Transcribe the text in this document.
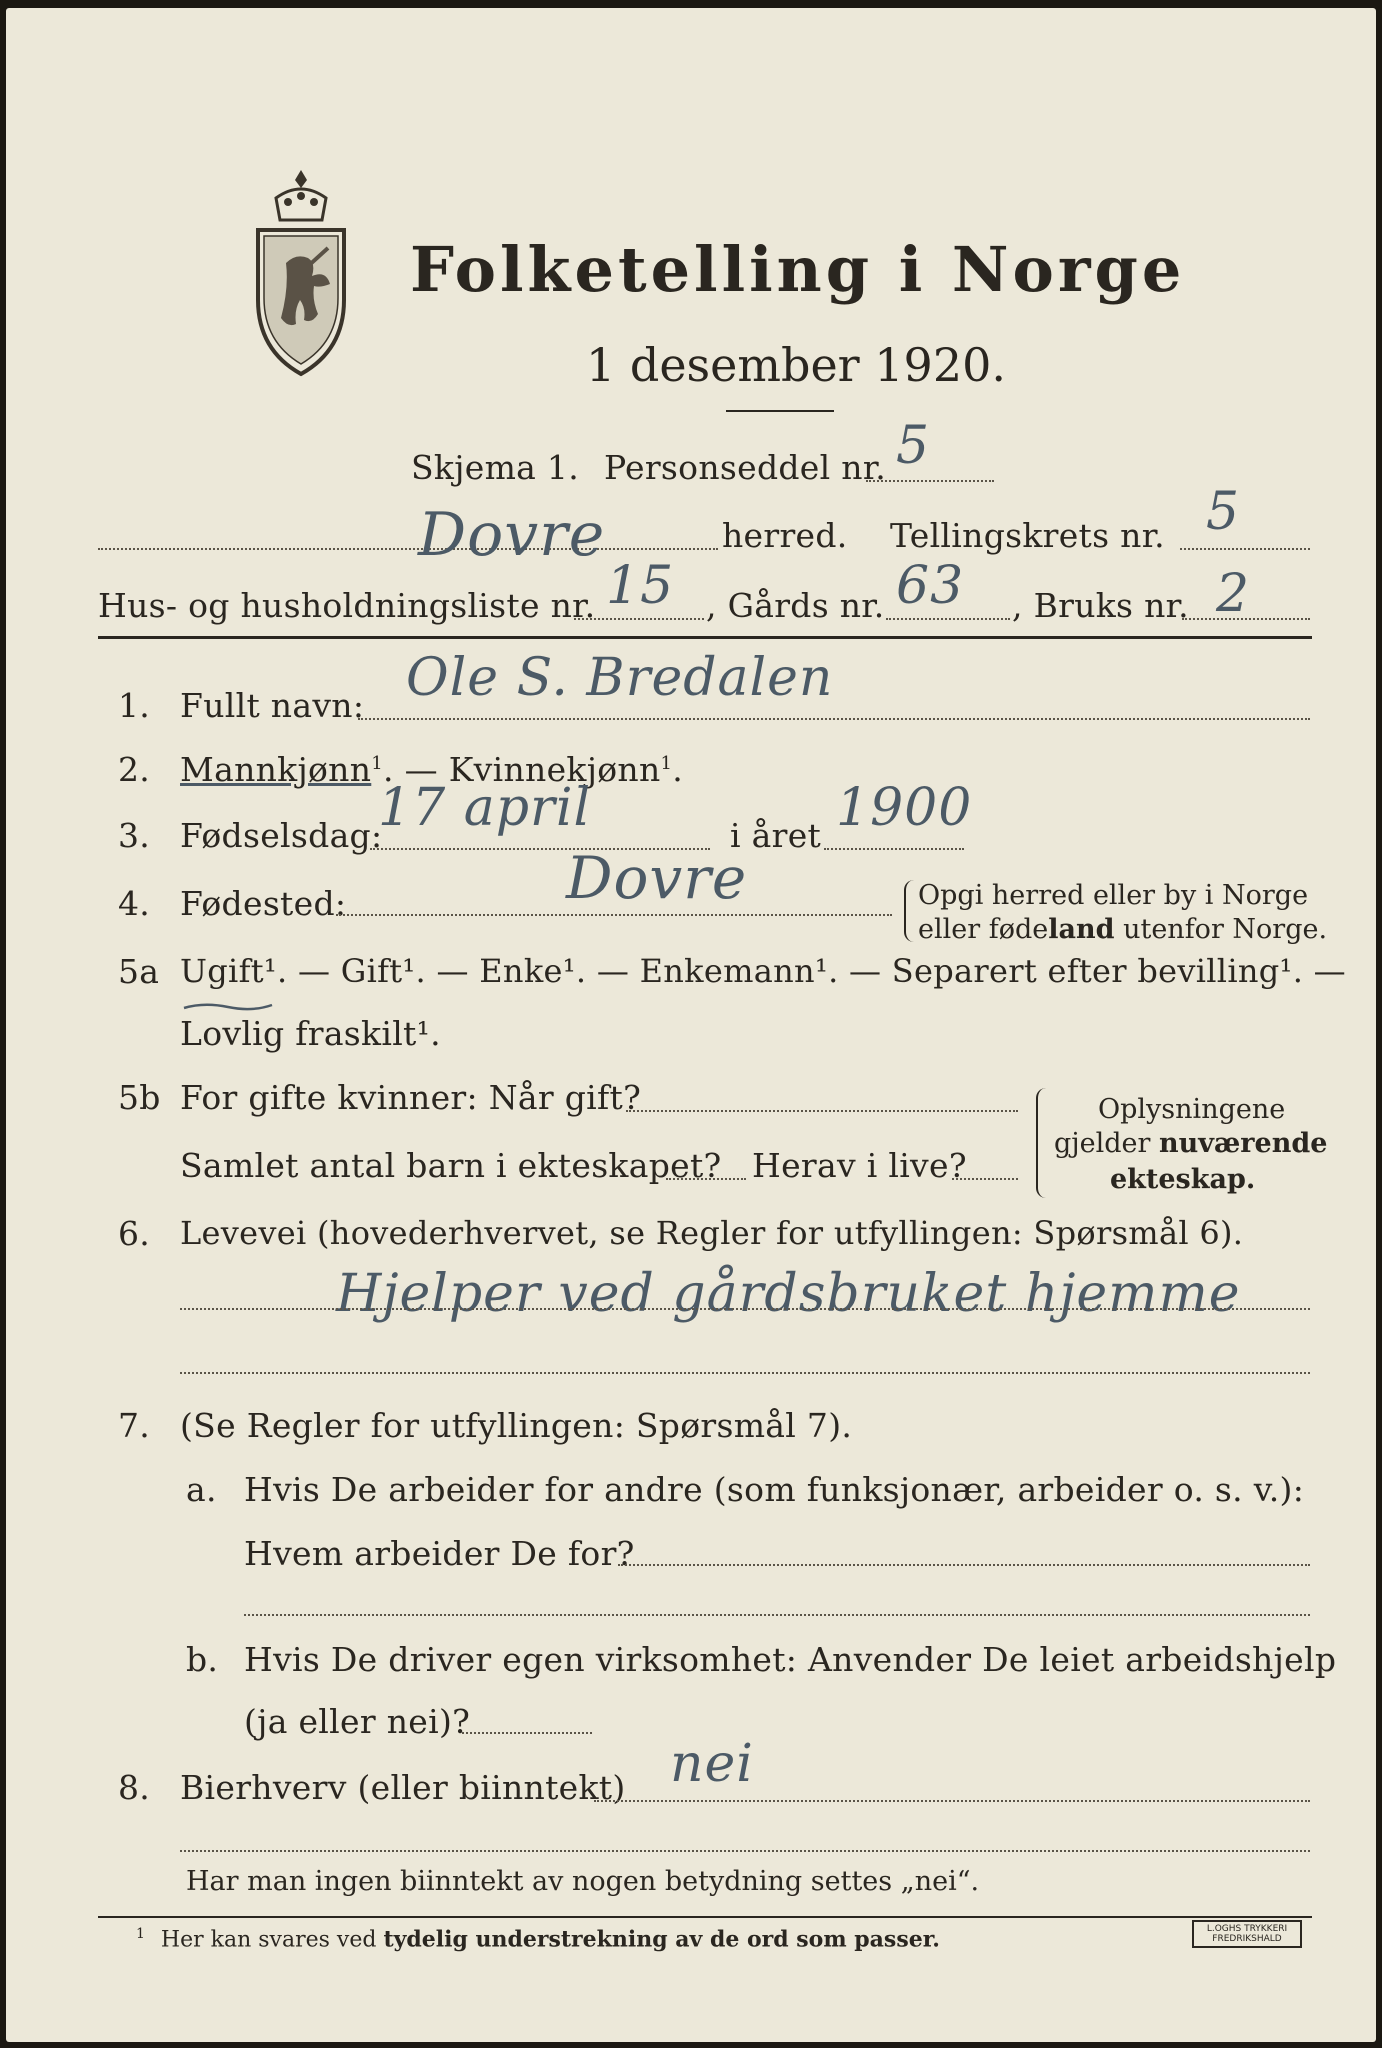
Folketelling i Norge
1 desember 1920.
Skjema 1. Personseddel nr. 5
Dovre	herred. Tellingskrets nr. 5
Hus- og husholdningsliste nr. 15 , Gårds nr. 63 , Bruks nr. 2
1. Fullt navn: Ole S. Bredalen
2. Mannkjønn$^1$. — Kvinnekjønn$^1$.
3. Fødselsdag:
17 april	i året 1900
4. Fødested:	Dovre	Opgi herred eller by i Norge
eller fødeland utenfor Norge.
5a Ugift¹. — Gift¹. — Enke¹. — Enkemann¹. — Separert efter bevilling¹. —
Lovlig fraskilt¹.
5b For gifte kvinner: Når gift?
Samlet antal barn i ekteskapet? Herav i live?
Oplysningene
gjelder nuværende
ekteskap.
6. Levevei (hovederhvervet, se Regler for utfyllingen: Spørsmål 6).
Hjelper ved gårdsbruket hjemme
7. (Se Regler for utfyllingen: Spørsmål 7).
a. Hvis De arbeider for andre (som funksjonær, arbeider o. s. v.):
Hvem arbeider De for?
b. Hvis De driver egen virksomhet: Anvender De leiet arbeidshjelp
(ja eller nei)?
8. Bierhverv (eller biinntekt) nei
Har man ingen biinntekt av nogen betydning settes „nei“.
$^1$ Her kan svares ved tydelig understrekning av de ord som passer.	L.OGHS TRYKKERI
FREDRIKSHALD
